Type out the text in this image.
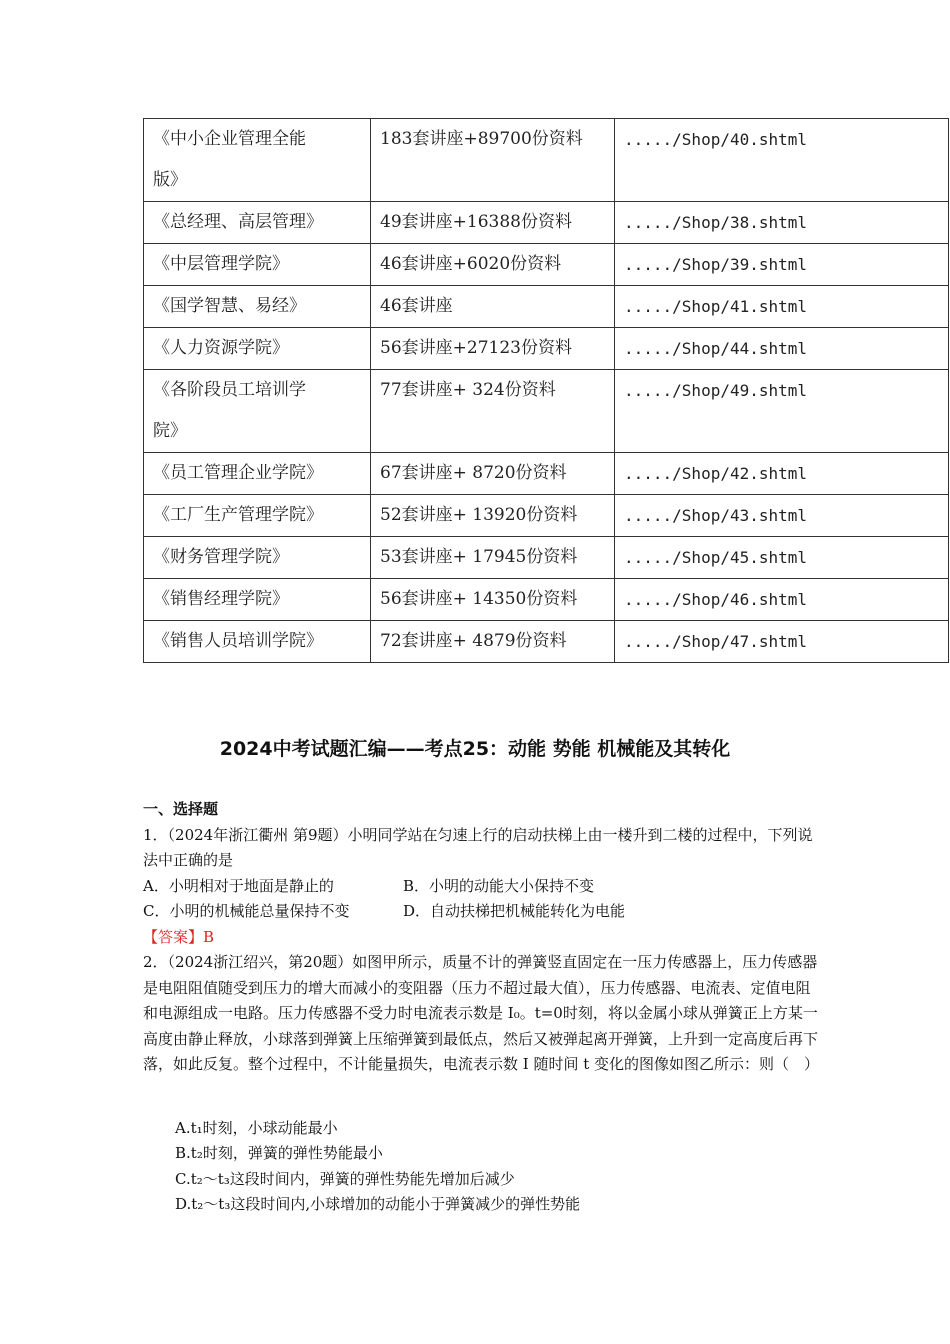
《中小企业管理全能
版》	183套讲座+89700份资料	...../Shop/40.shtml

《总经理、高层管理》	49套讲座+16388份资料	...../Shop/38.shtml

《中层管理学院》	46套讲座+6020份资料	...../Shop/39.shtml

《国学智慧、易经》	46套讲座	...../Shop/41.shtml

《人力资源学院》	56套讲座+27123份资料	...../Shop/44.shtml

《各阶段员工培训学
院》	77套讲座+ 324份资料	...../Shop/49.shtml

《员工管理企业学院》	67套讲座+ 8720份资料	...../Shop/42.shtml

《工厂生产管理学院》	52套讲座+ 13920份资料	...../Shop/43.shtml

《财务管理学院》	53套讲座+ 17945份资料	...../Shop/45.shtml

《销售经理学院》	56套讲座+ 14350份资料	...../Shop/46.shtml

《销售人员培训学院》	72套讲座+ 4879份资料	...../Shop/47.shtml
2024中考试题汇编——考点25：动能 势能 机械能及其转化
一、选择题
1．（2024年浙江衢州 第9题）小明同学站在匀速上行的启动扶梯上由一楼升到二楼的过程中，下列说法中正确的是
A．小明相对于地面是静止的	B．小明的动能大小保持不变
C．小明的机械能总量保持不变	D．自动扶梯把机械能转化为电能
【答案】B
2．（2024浙江绍兴，第20题）如图甲所示，质量不计的弹簧竖直固定在一压力传感器上，压力传感器是电阻阻值随受到压力的增大而减小的变阻器（压力不超过最大值），压力传感器、电流表、定值电阻和电源组成一电路。压力传感器不受力时电流表示数是 I₀。t=0时刻，将以金属小球从弹簧正上方某一高度由静止释放，小球落到弹簧上压缩弹簧到最低点，然后又被弹起离开弹簧，上升到一定高度后再下落，如此反复。整个过程中，不计能量损失，电流表示数 I 随时间 t 变化的图像如图乙所示：则（　）
A.t₁时刻，小球动能最小
B.t₂时刻，弹簧的弹性势能最小
C.t₂～t₃这段时间内，弹簧的弹性势能先增加后减少
D.t₂～t₃这段时间内,小球增加的动能小于弹簧减少的弹性势能
